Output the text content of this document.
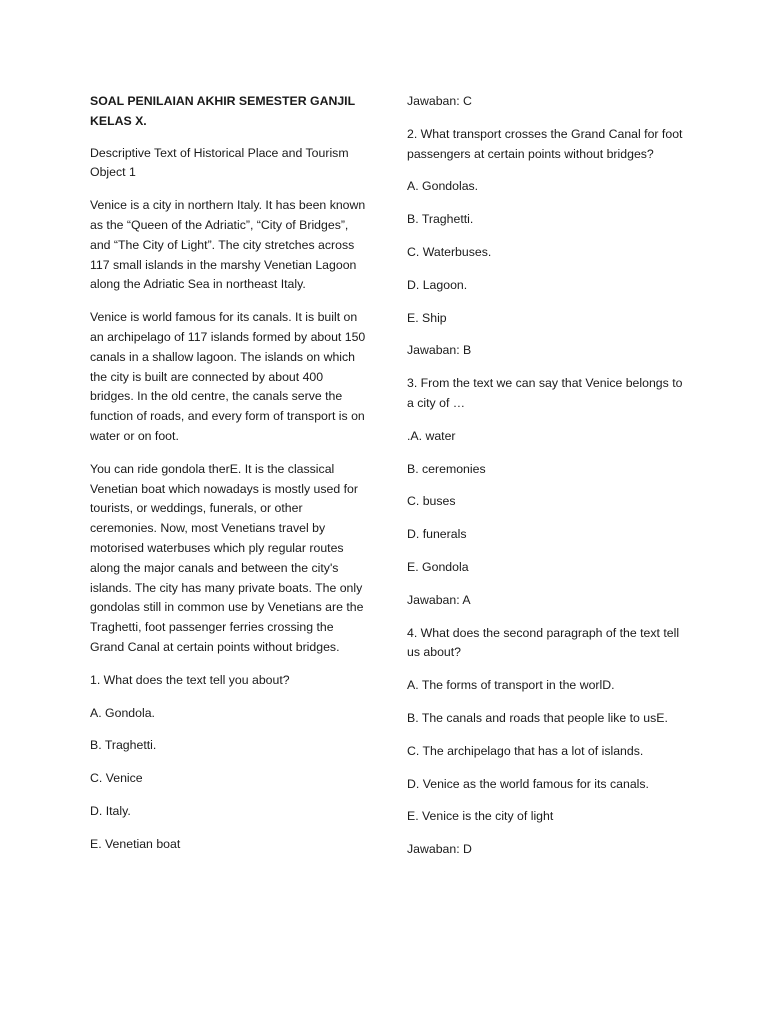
SOAL PENILAIAN AKHIR SEMESTER GANJIL
KELAS X.

Descriptive Text of Historical Place and Tourism Object 1

Venice is a city in northern Italy. It has been known as the “Queen of the Adriatic”, “City of Bridges”, and “The City of Light”. The city stretches across 117 small islands in the marshy Venetian Lagoon along the Adriatic Sea in northeast Italy.

Venice is world famous for its canals. It is built on an archipelago of 117 islands formed by about 150 canals in a shallow lagoon. The islands on which the city is built are connected by about 400 bridges. In the old centre, the canals serve the function of roads, and every form of transport is on water or on foot.

You can ride gondola therE. It is the classical Venetian boat which nowadays is mostly used for tourists, or weddings, funerals, or other ceremonies. Now, most Venetians travel by motorised waterbuses which ply regular routes along the major canals and between the city's islands. The city has many private boats. The only gondolas still in common use by Venetians are the Traghetti, foot passenger ferries crossing the Grand Canal at certain points without bridges.

1. What does the text tell you about?

A. Gondola.

B. Traghetti.

C. Venice

D. Italy.

E. Venetian boat

Jawaban: C

2. What transport crosses the Grand Canal for foot passengers at certain points without bridges?

A. Gondolas.

B. Traghetti.

C. Waterbuses.

D. Lagoon.

E. Ship

Jawaban: B

3. From the text we can say that Venice belongs to a city of …

.A. water

B. ceremonies

C. buses

D. funerals

E. Gondola

Jawaban: A

4. What does the second paragraph of the text tell us about?

A. The forms of transport in the worlD.

B. The canals and roads that people like to usE.

C. The archipelago that has a lot of islands.

D. Venice as the world famous for its canals.

E. Venice is the city of light

Jawaban: D
